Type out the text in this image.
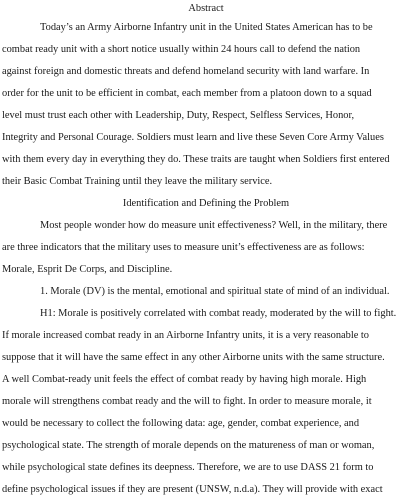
Abstract
Today’s an Army Airborne Infantry unit in the United States American has to be
combat ready unit with a short notice usually within 24 hours call to defend the nation
against foreign and domestic threats and defend homeland security with land warfare. In
order for the unit to be efficient in combat, each member from a platoon down to a squad
level must trust each other with Leadership, Duty, Respect, Selfless Services, Honor,
Integrity and Personal Courage. Soldiers must learn and live these Seven Core Army Values
with them every day in everything they do. These traits are taught when Soldiers first entered
their Basic Combat Training until they leave the military service.
Identification and Defining the Problem
Most people wonder how do measure unit effectiveness? Well, in the military, there
are three indicators that the military uses to measure unit’s effectiveness are as follows:
Morale, Esprit De Corps, and Discipline.
1. Morale (DV) is the mental, emotional and spiritual state of mind of an individual.
H1: Morale is positively correlated with combat ready, moderated by the will to fight.
If morale increased combat ready in an Airborne Infantry units, it is a very reasonable to
suppose that it will have the same effect in any other Airborne units with the same structure.
A well Combat-ready unit feels the effect of combat ready by having high morale. High
morale will strengthens combat ready and the will to fight. In order to measure morale, it
would be necessary to collect the following data: age, gender, combat experience, and
psychological state. The strength of morale depends on the matureness of man or woman,
while psychological state defines its deepness. Therefore, we are to use DASS 21 form to
define psychological issues if they are present (UNSW, n.d.a). They will provide with exact
